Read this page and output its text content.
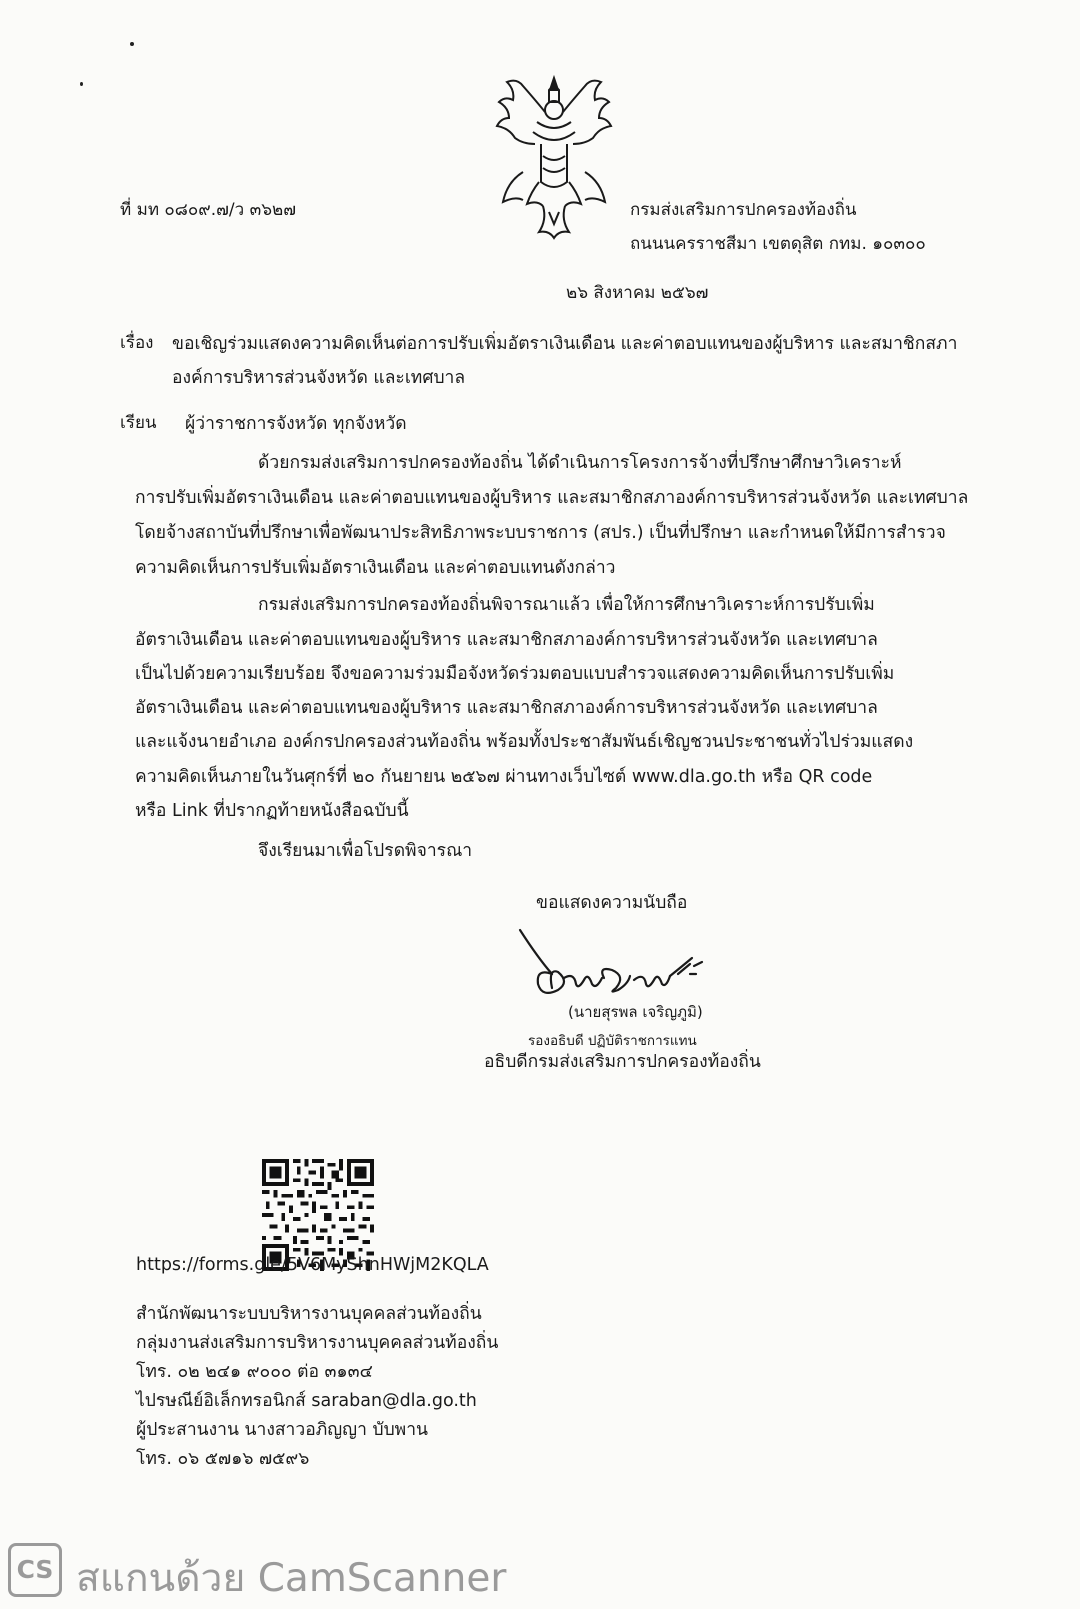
ที่ มท ๐๘๐๙.๗/ว ๓๖๒๗	กรมส่งเสริมการปกครองท้องถิ่น
ถนนนครราชสีมา เขตดุสิต กทม. ๑๐๓๐๐
๒๖ สิงหาคม ๒๕๖๗
เรื่อง ขอเชิญร่วมแสดงความคิดเห็นต่อการปรับเพิ่มอัตราเงินเดือน และค่าตอบแทนของผู้บริหาร และสมาชิกสภา
องค์การบริหารส่วนจังหวัด และเทศบาล
เรียน ผู้ว่าราชการจังหวัด ทุกจังหวัด
ด้วยกรมส่งเสริมการปกครองท้องถิ่น ได้ดำเนินการโครงการจ้างที่ปรึกษาศึกษาวิเคราะห์
การปรับเพิ่มอัตราเงินเดือน และค่าตอบแทนของผู้บริหาร และสมาชิกสภาองค์การบริหารส่วนจังหวัด และเทศบาล
โดยจ้างสถาบันที่ปรึกษาเพื่อพัฒนาประสิทธิภาพระบบราชการ (สปร.) เป็นที่ปรึกษา และกำหนดให้มีการสำรวจ
ความคิดเห็นการปรับเพิ่มอัตราเงินเดือน และค่าตอบแทนดังกล่าว
กรมส่งเสริมการปกครองท้องถิ่นพิจารณาแล้ว เพื่อให้การศึกษาวิเคราะห์การปรับเพิ่ม
อัตราเงินเดือน และค่าตอบแทนของผู้บริหาร และสมาชิกสภาองค์การบริหารส่วนจังหวัด และเทศบาล
เป็นไปด้วยความเรียบร้อย จึงขอความร่วมมือจังหวัดร่วมตอบแบบสำรวจแสดงความคิดเห็นการปรับเพิ่ม
อัตราเงินเดือน และค่าตอบแทนของผู้บริหาร และสมาชิกสภาองค์การบริหารส่วนจังหวัด และเทศบาล
และแจ้งนายอำเภอ องค์กรปกครองส่วนท้องถิ่น พร้อมทั้งประชาสัมพันธ์เชิญชวนประชาชนทั่วไปร่วมแสดง
ความคิดเห็นภายในวันศุกร์ที่ ๒๐ กันยายน ๒๕๖๗ ผ่านทางเว็บไซต์ www.dla.go.th หรือ QR code
หรือ Link ที่ปรากฏท้ายหนังสือฉบับนี้
จึงเรียนมาเพื่อโปรดพิจารณา
ขอแสดงความนับถือ
(นายสุรพล เจริญภูมิ)
รองอธิบดี ปฏิบัติราชการแทน
อธิบดีกรมส่งเสริมการปกครองท้องถิ่น
https://forms.gle/5V6MyShnHWjM2KQLA
สำนักพัฒนาระบบบริหารงานบุคคลส่วนท้องถิ่น
กลุ่มงานส่งเสริมการบริหารงานบุคคลส่วนท้องถิ่น
โทร. ๐๒ ๒๔๑ ๙๐๐๐ ต่อ ๓๑๓๔
ไปรษณีย์อิเล็กทรอนิกส์ saraban@dla.go.th
ผู้ประสานงาน นางสาวอภิญญา บับพาน
โทร. ๐๖ ๕๗๑๖ ๗๕๙๖
CS สแกนด้วย CamScanner
